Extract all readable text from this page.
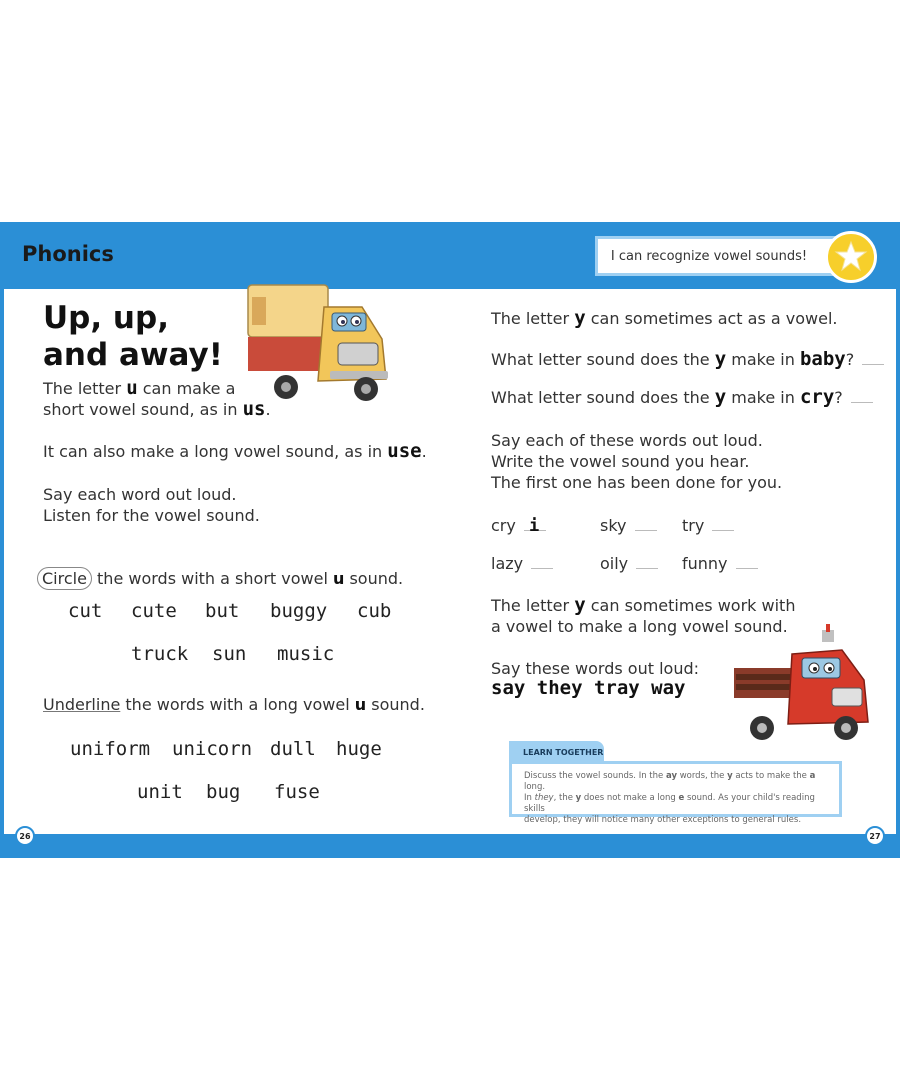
Phonics	I can recognize vowel sounds!
Up, up,
and away!
The letter u can make a
short vowel sound, as in us.
It can also make a long vowel sound, as in use.
Say each word out loud.
Listen for the vowel sound.
Circle the words with a short vowel u sound.
cut cute but buggy cub
truck sun music
Underline the words with a long vowel u sound.
uniform unicorn dull huge
unit bug fuse
The letter y can sometimes act as a vowel.
What letter sound does the y make in baby?
What letter sound does the y make in cry?
Say each of these words out loud.
Write the vowel sound you hear.
The first one has been done for you.
cry i	sky	try
lazy	oily	funny
The letter y can sometimes work with
a vowel to make a long vowel sound.
Say these words out loud:
say they tray way
LEARN TOGETHER
Discuss the vowel sounds. In the ay words, the y acts to make the a long.
In they, the y does not make a long e sound. As your child's reading skills
develop, they will notice many other exceptions to general rules.
26	27
